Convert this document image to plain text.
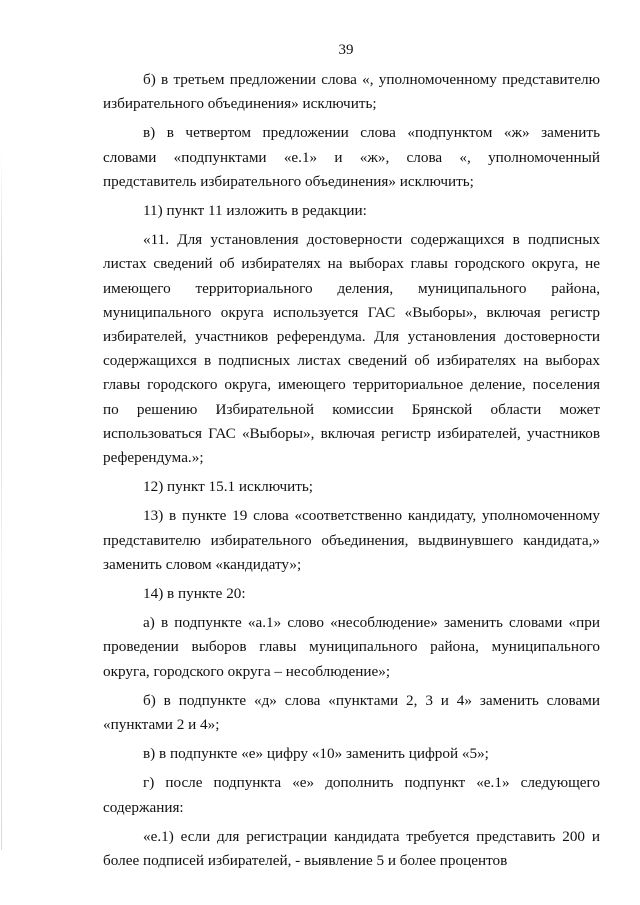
39

б) в третьем предложении слова «, уполномоченному представителю избирательного объединения» исключить;

в) в четвертом предложении слова «подпунктом «ж» заменить словами «подпунктами «е.1» и «ж», слова «, уполномоченный представитель избирательного объединения» исключить;

11) пункт 11 изложить в редакции:

«11. Для установления достоверности содержащихся в подписных листах сведений об избирателях на выборах главы городского округа, не имеющего территориального деления, муниципального района, муниципального округа используется ГАС «Выборы», включая регистр избирателей, участников референдума. Для установления достоверности содержащихся в подписных листах сведений об избирателях на выборах главы городского округа, имеющего территориальное деление, поселения по решению Избирательной комиссии Брянской области может использоваться ГАС «Выборы», включая регистр избирателей, участников референдума.»;

12) пункт 15.1 исключить;

13) в пункте 19 слова «соответственно кандидату, уполномоченному представителю избирательного объединения, выдвинувшего кандидата,» заменить словом «кандидату»;

14) в пункте 20:

а) в подпункте «а.1» слово «несоблюдение» заменить словами «при проведении выборов главы муниципального района, муниципального округа, городского округа – несоблюдение»;

б) в подпункте «д» слова «пунктами 2, 3 и 4» заменить словами «пунктами 2 и 4»;

в) в подпункте «е» цифру «10» заменить цифрой «5»;

г) после подпункта «е» дополнить подпункт «е.1» следующего содержания:

«е.1) если для регистрации кандидата требуется представить 200 и более подписей избирателей, - выявление 5 и более процентов
